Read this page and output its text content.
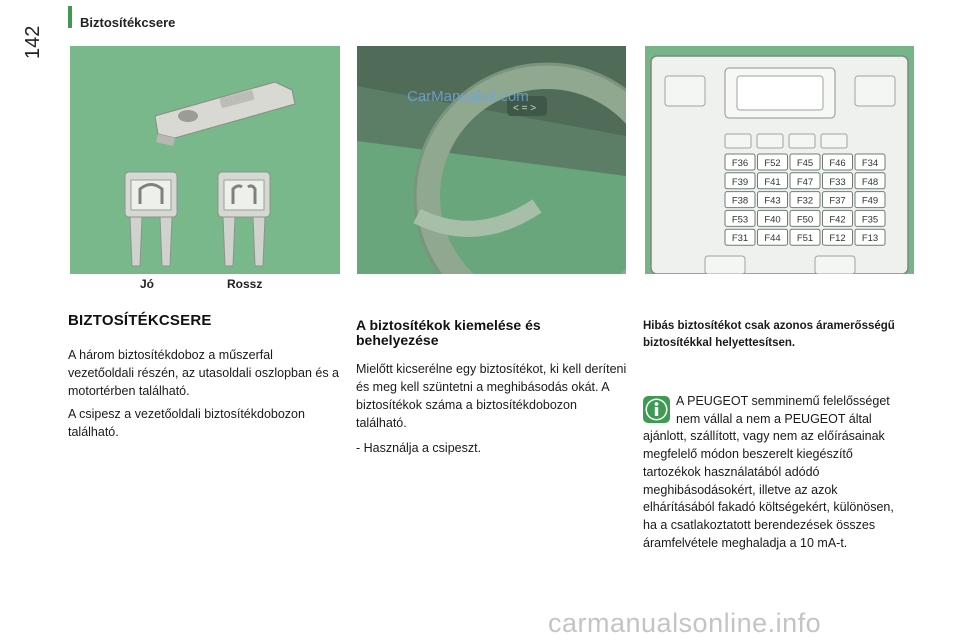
142
Biztosítékcsere
Jó	Rossz
< = >
CarManuals2.com
F36 F52 F45 F46 F34
F39 F41 F47 F33 F48
F38 F43 F32 F37 F49
F53 F40 F50 F42 F35
F31 F44 F51 F12 F13
BIZTOSÍTÉKCSERE

A három biztosítékdoboz a műszerfal vezetőoldali részén, az utasoldali oszlopban és a motortérben található.

A csipesz a vezetőoldali biztosítékdobozon található.

A biztosítékok kiemelése és behelyezése

Mielőtt kicserélne egy biztosítékot, ki kell deríteni és meg kell szüntetni a meghibásodás okát. A biztosítékok száma a biztosítékdobozon található.

- Használja a csipeszt.

Hibás biztosítékot csak azonos áramerősségű biztosítékkal helyettesítsen.
A PEUGEOT semminemű felelősséget nem vállal a nem a PEUGEOT által ajánlott, szállított, vagy nem az előírásainak megfelelő módon beszerelt kiegészítő tartozékok használatából adódó meghibásodásokért, illetve az azok elhárításából fakadó költségekért, különösen, ha a csatlakoztatott berendezések összes áramfelvétele meghaladja a 10 mA-t.
carmanualsonline.info
